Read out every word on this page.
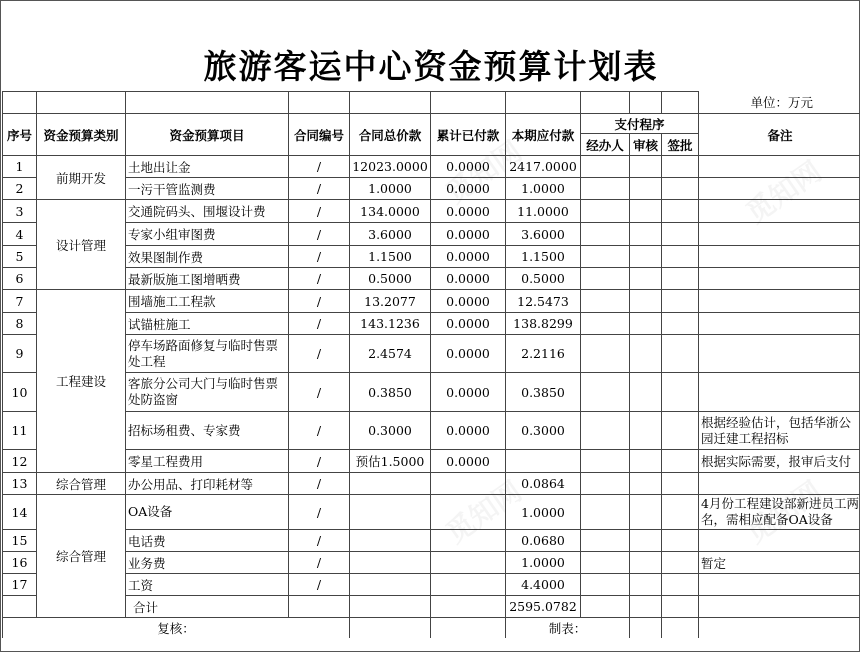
旅游客运中心资金预算计划表
										单位：万元
序号	资金预算类别	资金预算项目	合同编号	合同总价款	累计已付款	本期应付款	支付程序			备注
							经办人	审核	签批	
1	前期开发	土地出让金	/	12023.0000	0.0000	2417.0000				
2		一污干管监测费	/	1.0000	0.0000	1.0000				
3	设计管理	交通院码头、围堰设计费	/	134.0000	0.0000	11.0000				
4		专家小组审图费	/	3.6000	0.0000	3.6000				
5		效果图制作费	/	1.1500	0.0000	1.1500				
6		最新版施工图增晒费	/	0.5000	0.0000	0.5000				
7	工程建设	围墙施工工程款	/	13.2077	0.0000	12.5473				
8		试锚桩施工	/	143.1236	0.0000	138.8299				
9		停车场路面修复与临时售票处工程	/	2.4574	0.0000	2.2116				
10		客旅分公司大门与临时售票处防盗窗	/	0.3850	0.0000	0.3850				
11		招标场租费、专家费	/	0.3000	0.0000	0.3000				根据经验估计，包括华浙公园迁建工程招标
12		零星工程费用	/	预估1.5000	0.0000					根据实际需要，报审后支付
13	综合管理	办公用品、打印耗材等	/			0.0864				
14	综合管理	OA设备	/			1.0000				4月份工程建设部新进员工两名，需相应配备OA设备
15		电话费	/			0.0680				
16		业务费	/			1.0000				暂定
17		工资	/			4.4000				
合计						2595.0782				
复核：						制表：				
